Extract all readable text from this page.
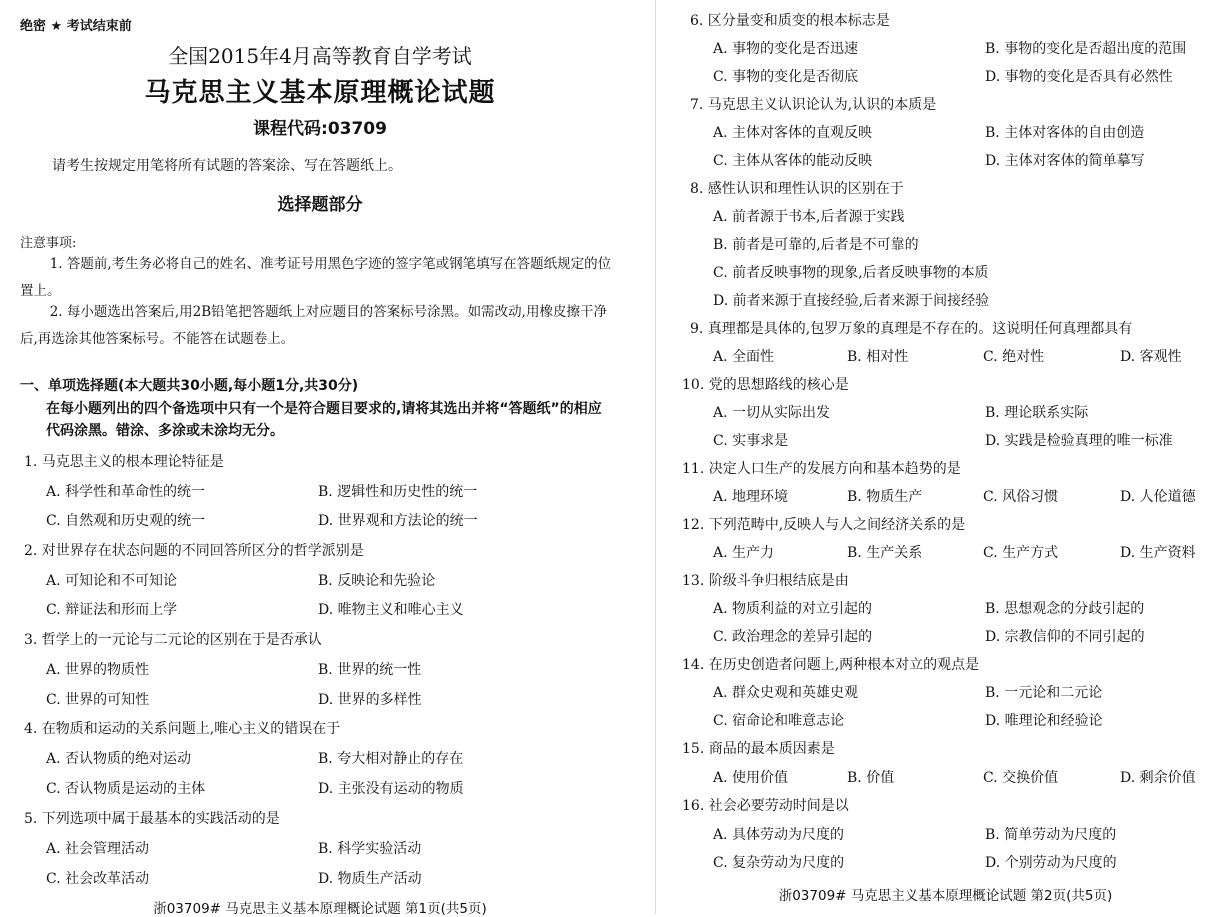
绝密 ★ 考试结束前
全国2015年4月高等教育自学考试
马克思主义基本原理概论试题
课程代码:03709
请考生按规定用笔将所有试题的答案涂、写在答题纸上。
选择题部分
注意事项:
1. 答题前,考生务必将自己的姓名、准考证号用黑色字迹的签字笔或钢笔填写在答题纸规定的位置上。
2. 每小题选出答案后,用2B铅笔把答题纸上对应题目的答案标号涂黑。如需改动,用橡皮擦干净后,再选涂其他答案标号。不能答在试题卷上。
一、单项选择题(本大题共30小题,每小题1分,共30分)
在每小题列出的四个备选项中只有一个是符合题目要求的,请将其选出并将“答题纸”的相应代码涂黑。错涂、多涂或未涂均无分。
1. 马克思主义的根本理论特征是
A. 科学性和革命性的统一	B. 逻辑性和历史性的统一
C. 自然观和历史观的统一	D. 世界观和方法论的统一
2. 对世界存在状态问题的不同回答所区分的哲学派别是
A. 可知论和不可知论	B. 反映论和先验论
C. 辩证法和形而上学	D. 唯物主义和唯心主义
3. 哲学上的一元论与二元论的区别在于是否承认
A. 世界的物质性	B. 世界的统一性
C. 世界的可知性	D. 世界的多样性
4. 在物质和运动的关系问题上,唯心主义的错误在于
A. 否认物质的绝对运动	B. 夸大相对静止的存在
C. 否认物质是运动的主体	D. 主张没有运动的物质
5. 下列选项中属于最基本的实践活动的是
A. 社会管理活动	B. 科学实验活动
C. 社会改革活动	D. 物质生产活动
浙03709# 马克思主义基本原理概论试题 第1页(共5页)
6. 区分量变和质变的根本标志是
A. 事物的变化是否迅速	B. 事物的变化是否超出度的范围
C. 事物的变化是否彻底	D. 事物的变化是否具有必然性
7. 马克思主义认识论认为,认识的本质是
A. 主体对客体的直观反映	B. 主体对客体的自由创造
C. 主体从客体的能动反映	D. 主体对客体的简单摹写
8. 感性认识和理性认识的区别在于
A. 前者源于书本,后者源于实践
B. 前者是可靠的,后者是不可靠的
C. 前者反映事物的现象,后者反映事物的本质
D. 前者来源于直接经验,后者来源于间接经验
9. 真理都是具体的,包罗万象的真理是不存在的。这说明任何真理都具有
A. 全面性	B. 相对性	C. 绝对性	D. 客观性
10. 党的思想路线的核心是
A. 一切从实际出发	B. 理论联系实际
C. 实事求是	D. 实践是检验真理的唯一标准
11. 决定人口生产的发展方向和基本趋势的是
A. 地理环境	B. 物质生产	C. 风俗习惯	D. 人伦道德
12. 下列范畴中,反映人与人之间经济关系的是
A. 生产力	B. 生产关系	C. 生产方式	D. 生产资料
13. 阶级斗争归根结底是由
A. 物质利益的对立引起的	B. 思想观念的分歧引起的
C. 政治理念的差异引起的	D. 宗教信仰的不同引起的
14. 在历史创造者问题上,两种根本对立的观点是
A. 群众史观和英雄史观	B. 一元论和二元论
C. 宿命论和唯意志论	D. 唯理论和经验论
15. 商品的最本质因素是
A. 使用价值	B. 价值	C. 交换价值	D. 剩余价值
16. 社会必要劳动时间是以
A. 具体劳动为尺度的	B. 简单劳动为尺度的
C. 复杂劳动为尺度的	D. 个别劳动为尺度的
浙03709# 马克思主义基本原理概论试题 第2页(共5页)
